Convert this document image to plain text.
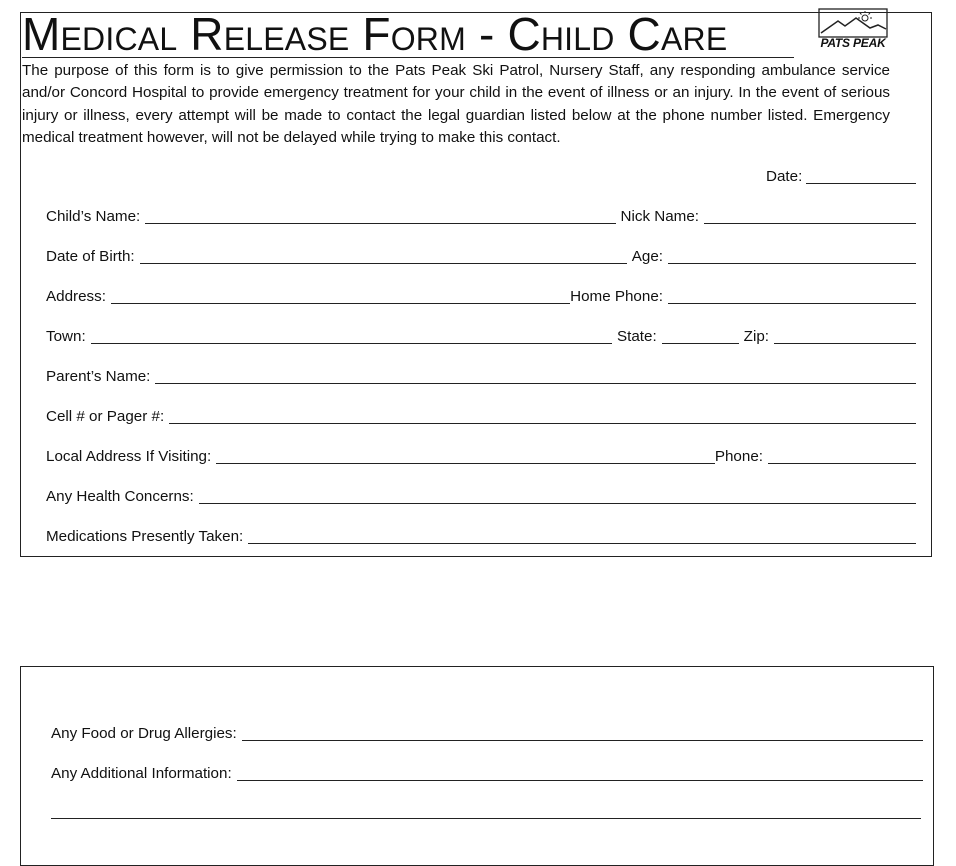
Medical Release Form - Child Care	PATS PEAK

The purpose of this form is to give permission to the Pats Peak Ski Patrol, Nursery Staff, any responding ambulance service and/or Concord Hospital to provide emergency treatment for your child in the event of illness or an injury. In the event of serious injury or illness, every attempt will be made to contact the legal guardian listed below at the phone number listed. Emergency medical treatment however, will not be delayed while trying to make this contact.

Date:
Child’s Name:	Nick Name:
Date of Birth:	Age:
Address:	Home Phone:
Town:	State:	Zip:
Parent’s Name:
Cell # or Pager #:
Local Address If Visiting:	Phone:
Any Health Concerns:
Medications Presently Taken:
Any Food or Drug Allergies:
Any Additional Information:
